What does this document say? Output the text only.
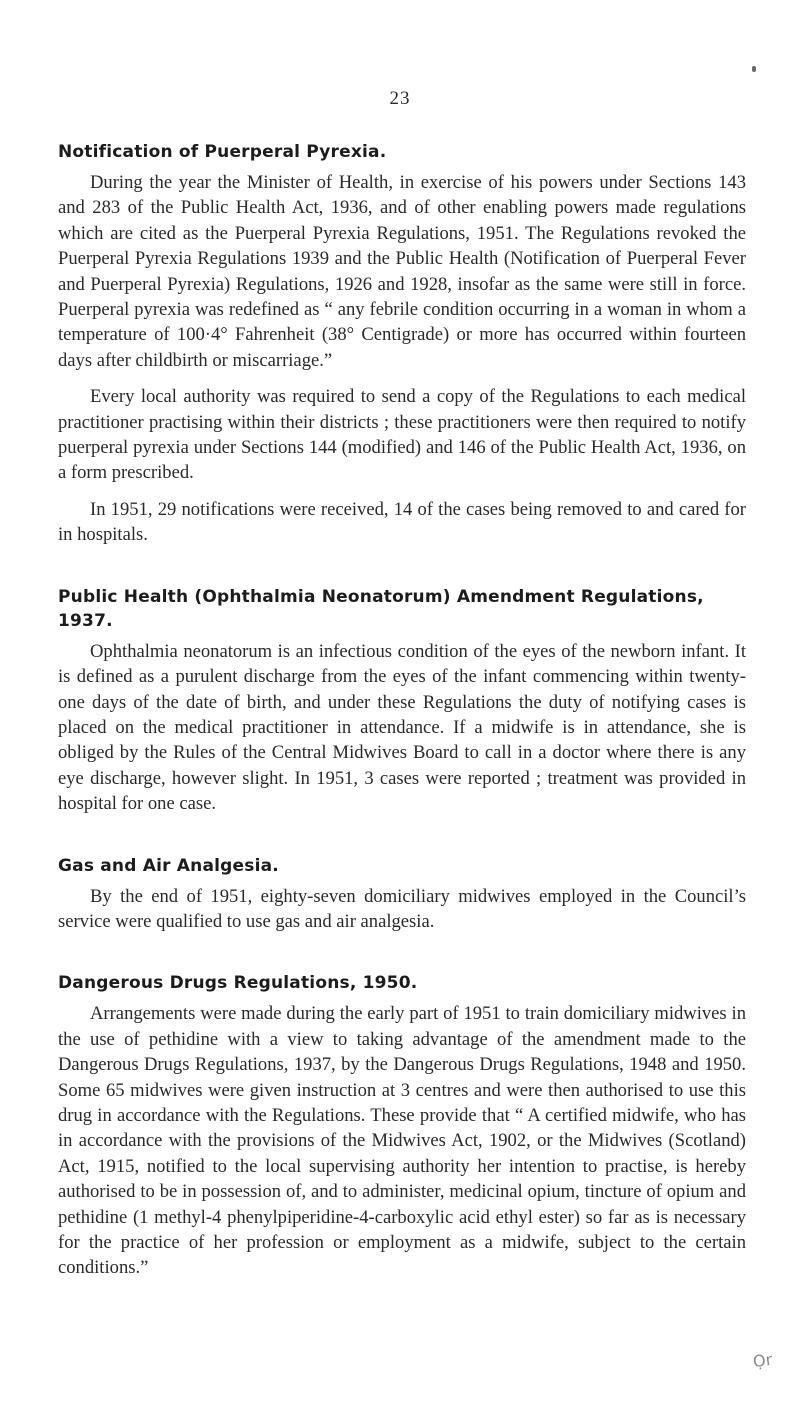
23
Notification of Puerperal Pyrexia.

During the year the Minister of Health, in exercise of his powers under Sections 143 and 283 of the Public Health Act, 1936, and of other enabling powers made regulations which are cited as the Puerperal Pyrexia Regulations, 1951. The Regulations revoked the Puerperal Pyrexia Regulations 1939 and the Public Health (Notification of Puerperal Fever and Puerperal Pyrexia) Regulations, 1926 and 1928, insofar as the same were still in force. Puerperal pyrexia was redefined as “ any febrile condition occurring in a woman in whom a temperature of 100·4° Fahrenheit (38° Centigrade) or more has occurred within fourteen days after childbirth or miscarriage.”

Every local authority was required to send a copy of the Regulations to each medical practitioner practising within their districts ; these practitioners were then required to notify puerperal pyrexia under Sections 144 (modified) and 146 of the Public Health Act, 1936, on a form prescribed.

In 1951, 29 notifications were received, 14 of the cases being removed to and cared for in hospitals.

Public Health (Ophthalmia Neonatorum) Amendment Regulations, 1937.

Ophthalmia neonatorum is an infectious condition of the eyes of the newborn infant. It is defined as a purulent discharge from the eyes of the infant commencing within twenty-one days of the date of birth, and under these Regulations the duty of notifying cases is placed on the medical practitioner in attendance. If a midwife is in attendance, she is obliged by the Rules of the Central Midwives Board to call in a doctor where there is any eye discharge, however slight. In 1951, 3 cases were reported ; treatment was provided in hospital for one case.

Gas and Air Analgesia.

By the end of 1951, eighty-seven domiciliary midwives employed in the Council’s service were qualified to use gas and air analgesia.

Dangerous Drugs Regulations, 1950.

Arrangements were made during the early part of 1951 to train domiciliary midwives in the use of pethidine with a view to taking advantage of the amendment made to the Dangerous Drugs Regulations, 1937, by the Dangerous Drugs Regulations, 1948 and 1950. Some 65 midwives were given instruction at 3 centres and were then authorised to use this drug in accordance with the Regulations. These provide that “ A certified midwife, who has in accordance with the provisions of the Midwives Act, 1902, or the Midwives (Scotland) Act, 1915, notified to the local supervising authority her intention to practise, is hereby authorised to be in possession of, and to administer, medicinal opium, tincture of opium and pethidine (1 methyl-4 phenylpiperidine-4-carboxylic acid ethyl ester) so far as is necessary for the practice of her profession or employment as a midwife, subject to the certain conditions.”

Ọr
